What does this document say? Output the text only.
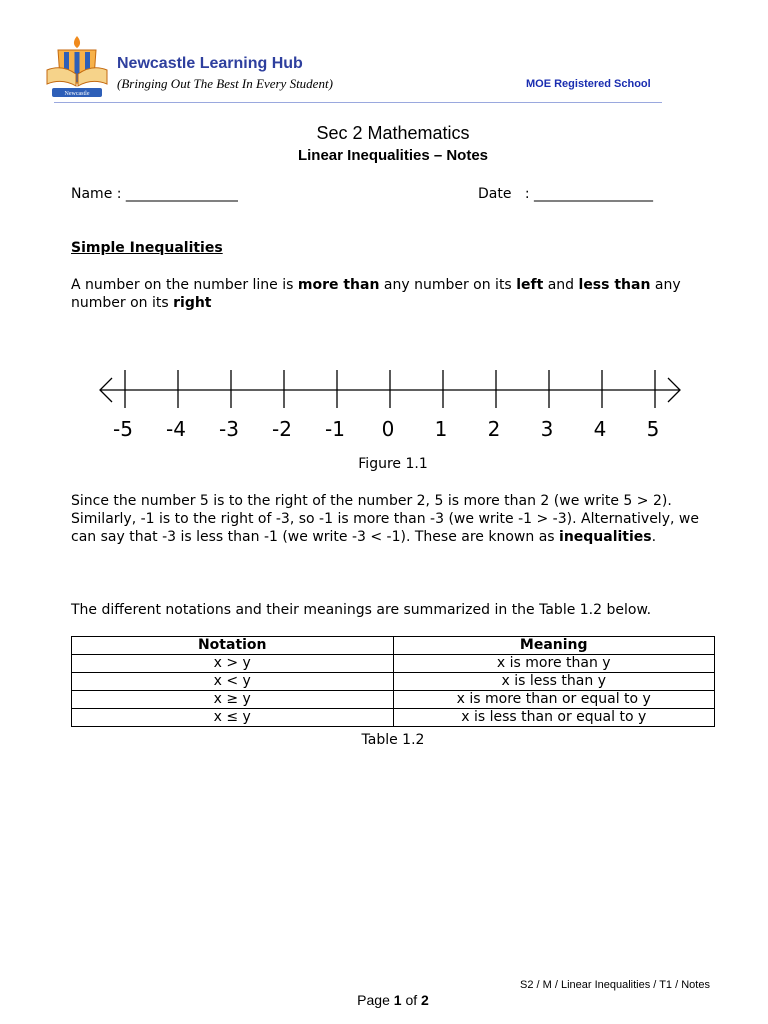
Newcastle
Newcastle Learning Hub
(Bringing Out The Best In Every Student)	MOE Registered School
Sec 2 Mathematics
Linear Inequalities – Notes
Name : ________________	Date   : _________________
Simple Inequalities
A number on the number line is more than any number on its left and less than any number on its right
-5 -4 -3 -2 -1 0 1 2 3 4 5
Figure 1.1
Since the number 5 is to the right of the number 2, 5 is more than 2 (we write 5 > 2). Similarly, -1 is to the right of -3, so -1 is more than -3 (we write -1 > -3). Alternatively, we can say that -3 is less than -1 (we write -3 < -1). These are known as inequalities.
The different notations and their meanings are summarized in the Table 1.2 below.
Notation	Meaning
x > y	x is more than y
x < y	x is less than y
x ≥ y	x is more than or equal to y
x ≤ y	x is less than or equal to y
Table 1.2
S2 / M / Linear Inequalities / T1 / Notes
Page 1 of 2
